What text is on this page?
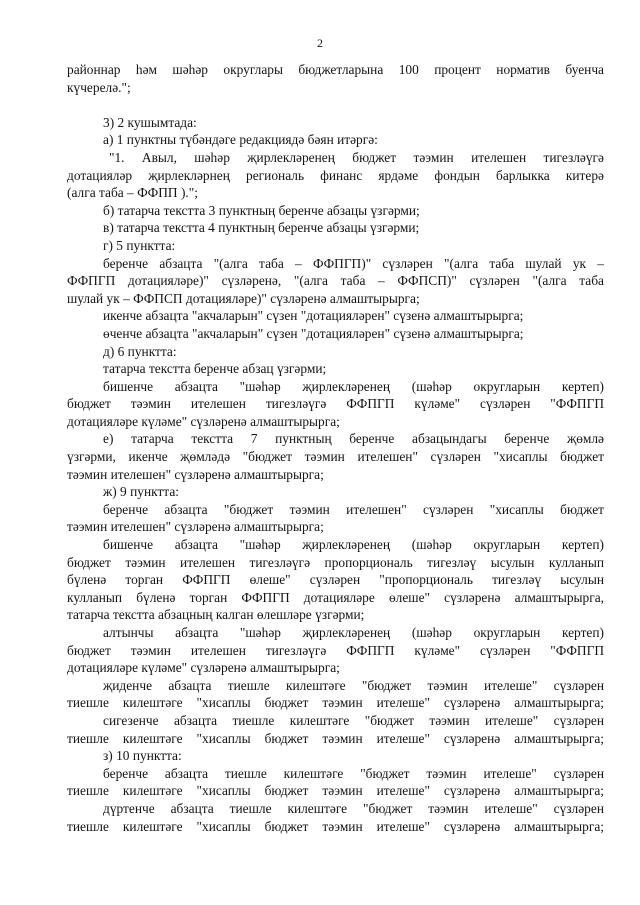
2
районнар һәм шәһәр округлары бюджетларына 100 процент норматив буенча
күчерелә.";
3) 2 кушымтада:
а) 1 пунктны түбәндәге редакциядә бәян итәргә:
"1. Авыл, шәһәр җирлекләренең бюджет тәэмин ителешен тигезләүгә
дотацияләр җирлекләрнең региональ финанс ярдәме фондын барлыкка китерә
(алга таба – ФФПП ).";
б) татарча текстта 3 пунктның беренче абзацы үзгәрми;
в) татарча текстта 4 пунктның беренче абзацы үзгәрми;
г) 5 пунктта:
беренче абзацта "(алга таба – ФФПГП)" сүзләрен "(алга таба шулай ук –
ФФПГП дотацияләре)" сүзләренә, "(алга таба – ФФПСП)" сүзләрен "(алга таба
шулай ук – ФФПСП дотацияләре)" сүзләренә алмаштырырга;
икенче абзацта "акчаларын" сүзен "дотацияләрен" сүзенә алмаштырырга;
өченче абзацта "акчаларын" сүзен "дотацияләрен" сүзенә алмаштырырга;
д) 6 пунктта:
татарча текстта беренче абзац үзгәрми;
бишенче абзацта "шәһәр җирлекләренең (шәһәр округларын кертеп)
бюджет тәэмин ителешен тигезләүгә ФФПГП күләме" сүзләрен "ФФПГП
дотацияләре күләме" сүзләренә алмаштырырга;
е) татарча текстта 7 пунктның беренче абзацындагы беренче җөмлә
үзгәрми, икенче җөмләдә "бюджет тәэмин ителешен" сүзләрен "хисаплы бюджет
тәэмин ителешен" сүзләренә алмаштырырга;
ж) 9 пунктта:
беренче абзацта "бюджет тәэмин ителешен" сүзләрен "хисаплы бюджет
тәэмин ителешен" сүзләренә алмаштырырга;
бишенче абзацта "шәһәр җирлекләренең (шәһәр округларын кертеп)
бюджет тәэмин ителешен тигезләүгә пропорциональ тигезләү ысулын кулланып
бүленә торган ФФПГП өлеше" сүзләрен "пропорциональ тигезләү ысулын
кулланып бүленә торган ФФПГП дотацияләре өлеше" сүзләренә алмаштырырга,
татарча текстта абзацның калган өлешләре үзгәрми;
алтынчы абзацта "шәһәр җирлекләренең (шәһәр округларын кертеп)
бюджет тәэмин ителешен тигезләүгә ФФПГП күләме" сүзләрен "ФФПГП
дотацияләре күләме" сүзләренә алмаштырырга;
җиденче абзацта тиешле килештәге "бюджет тәэмин ителеше" сүзләрен
тиешле килештәге "хисаплы бюджет тәэмин ителеше" сүзләренә алмаштырырга;
сигезенче абзацта тиешле килештәге "бюджет тәэмин ителеше" сүзләрен
тиешле килештәге "хисаплы бюджет тәэмин ителеше" сүзләренә алмаштырырга;
з) 10 пунктта:
беренче абзацта тиешле килештәге "бюджет тәэмин ителеше" сүзләрен
тиешле килештәге "хисаплы бюджет тәэмин ителеше" сүзләренә алмаштырырга;
дүртенче абзацта тиешле килештәге "бюджет тәэмин ителеше" сүзләрен
тиешле килештәге "хисаплы бюджет тәэмин ителеше" сүзләренә алмаштырырга;
